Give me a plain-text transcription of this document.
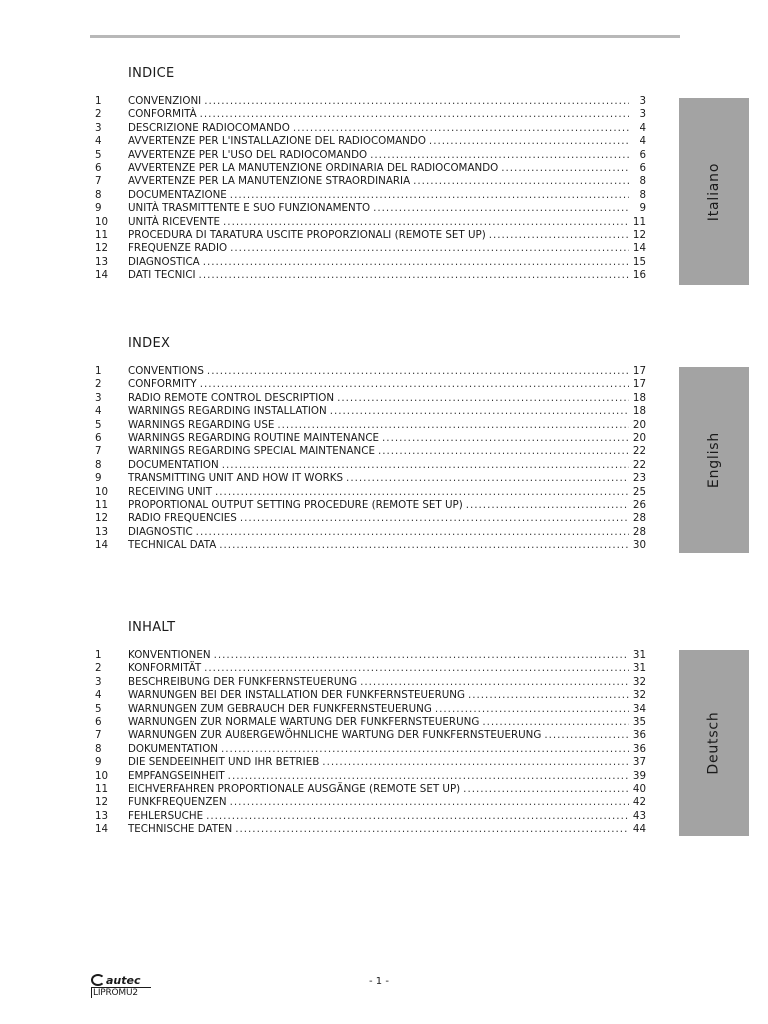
INDICE
1	CONVENZIONI .....	3
2	CONFORMITÀ .....	3
3	DESCRIZIONE RADIOCOMANDO .....	4
4	AVVERTENZE PER L'INSTALLAZIONE DEL RADIOCOMANDO .....	4
5	AVVERTENZE PER L'USO DEL RADIOCOMANDO .....	6
6	AVVERTENZE PER LA MANUTENZIONE ORDINARIA DEL RADIOCOMANDO .....	6
7	AVVERTENZE PER LA MANUTENZIONE STRAORDINARIA .....	8
8	DOCUMENTAZIONE .....	8
9	UNITÀ TRASMITTENTE E SUO FUNZIONAMENTO .....	9
10	UNITÀ RICEVENTE .....	11
11	PROCEDURA DI TARATURA USCITE PROPORZIONALI (REMOTE SET UP) .....	12
12	FREQUENZE RADIO .....	14
13	DIAGNOSTICA .....	15
14	DATI TECNICI .....	16
Italiano
INDEX
1	CONVENTIONS .....	17
2	CONFORMITY .....	17
3	RADIO REMOTE CONTROL DESCRIPTION .....	18
4	WARNINGS REGARDING INSTALLATION .....	18
5	WARNINGS REGARDING USE .....	20
6	WARNINGS REGARDING ROUTINE MAINTENANCE .....	20
7	WARNINGS REGARDING SPECIAL MAINTENANCE .....	22
8	DOCUMENTATION .....	22
9	TRANSMITTING UNIT AND HOW IT WORKS .....	23
10	RECEIVING UNIT .....	25
11	PROPORTIONAL OUTPUT SETTING PROCEDURE (REMOTE SET UP) .....	26
12	RADIO FREQUENCIES .....	28
13	DIAGNOSTIC .....	28
14	TECHNICAL DATA .....	30
English
INHALT
1	KONVENTIONEN .....	31
2	KONFORMITÄT .....	31
3	BESCHREIBUNG DER FUNKFERNSTEUERUNG .....	32
4	WARNUNGEN BEI DER INSTALLATION DER FUNKFERNSTEUERUNG .....	32
5	WARNUNGEN ZUM GEBRAUCH DER FUNKFERNSTEUERUNG .....	34
6	WARNUNGEN ZUR NORMALE WARTUNG DER FUNKFERNSTEUERUNG .....	35
7	WARNUNGEN ZUR AUßERGEWÖHNLICHE WARTUNG DER FUNKFERNSTEUERUNG .....	36
8	DOKUMENTATION .....	36
9	DIE SENDEEINHEIT UND IHR BETRIEB .....	37
10	EMPFANGSEINHEIT .....	39
11	EICHVERFAHREN PROPORTIONALE AUSGÄNGE (REMOTE SET UP) .....	40
12	FUNKFREQUENZEN .....	42
13	FEHLERSUCHE .....	43
14	TECHNISCHE DATEN .....	44
Deutsch
autec
LIPROMU2
- 1 -
